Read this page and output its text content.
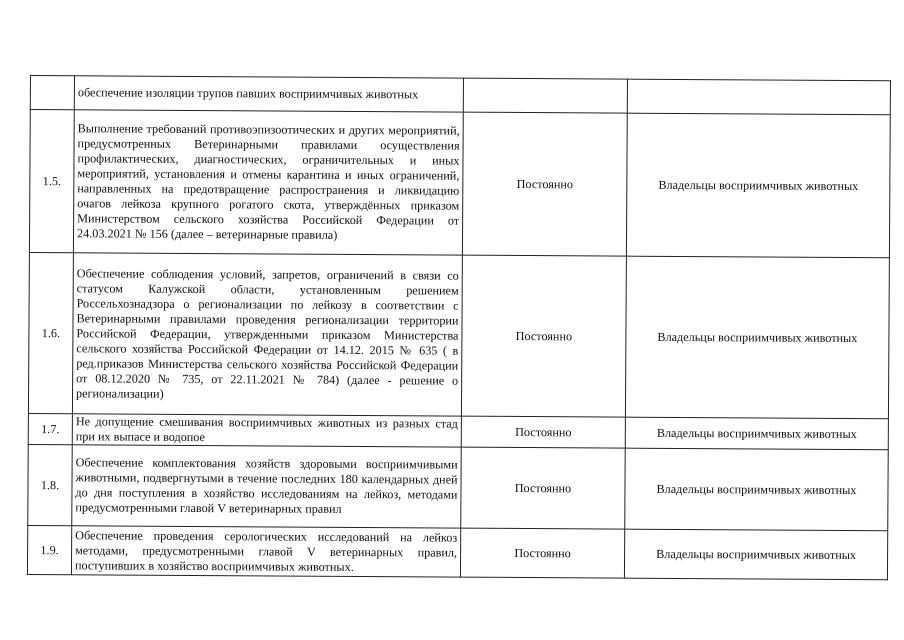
	обеспечение изоляции трупов павших восприимчивых животных		

1.5.	Выполнение требований противоэпизоотических и других мероприятий, предусмотренных Ветеринарными правилами осуществления профилактических, диагностических, ограничительных и иных мероприятий, установления и отмены карантина и иных ограничений, направленных на предотвращение распространения и ликвидацию очагов лейкоза крупного рогатого скота, утверждённых приказом Министерством сельского хозяйства Российской Федерации от 24.03.2021 № 156 (далее – ветеринарные правила)	Постоянно	Владельцы восприимчивых животных
1.6.	Обеспечение соблюдения условий, запретов, ограничений в связи со статусом Калужской области, установленным решением Россельхознадзора о регионализации по лейкозу в соответствии с Ветеринарными правилами проведения регионализации территории Российской Федерации, утвержденными приказом Министерства сельского хозяйства Российской Федерации от 14.12. 2015 № 635 ( в ред.приказов Министерства сельского хозяйства Российской Федерации от 08.12.2020 № 735, от 22.11.2021 № 784) (далее - решение о регионализации)	Постоянно	Владельцы восприимчивых животных
1.7.	Не допущение смешивания восприимчивых животных из разных стад при их выпасе и водопое	Постоянно	Владельцы восприимчивых животных
1.8.	Обеспечение комплектования хозяйств здоровыми восприимчивыми животными, подвергнутыми в течение последних 180 календарных дней до дня поступления в хозяйство исследованиям на лейкоз, методами предусмотренными главой V ветеринарных правил	Постоянно	Владельцы восприимчивых животных
1.9.	Обеспечение проведения серологических исследований на лейкоз методами, предусмотренными главой V ветеринарных правил, поступивших в хозяйство восприимчивых животных.	Постоянно	Владельцы восприимчивых животных
